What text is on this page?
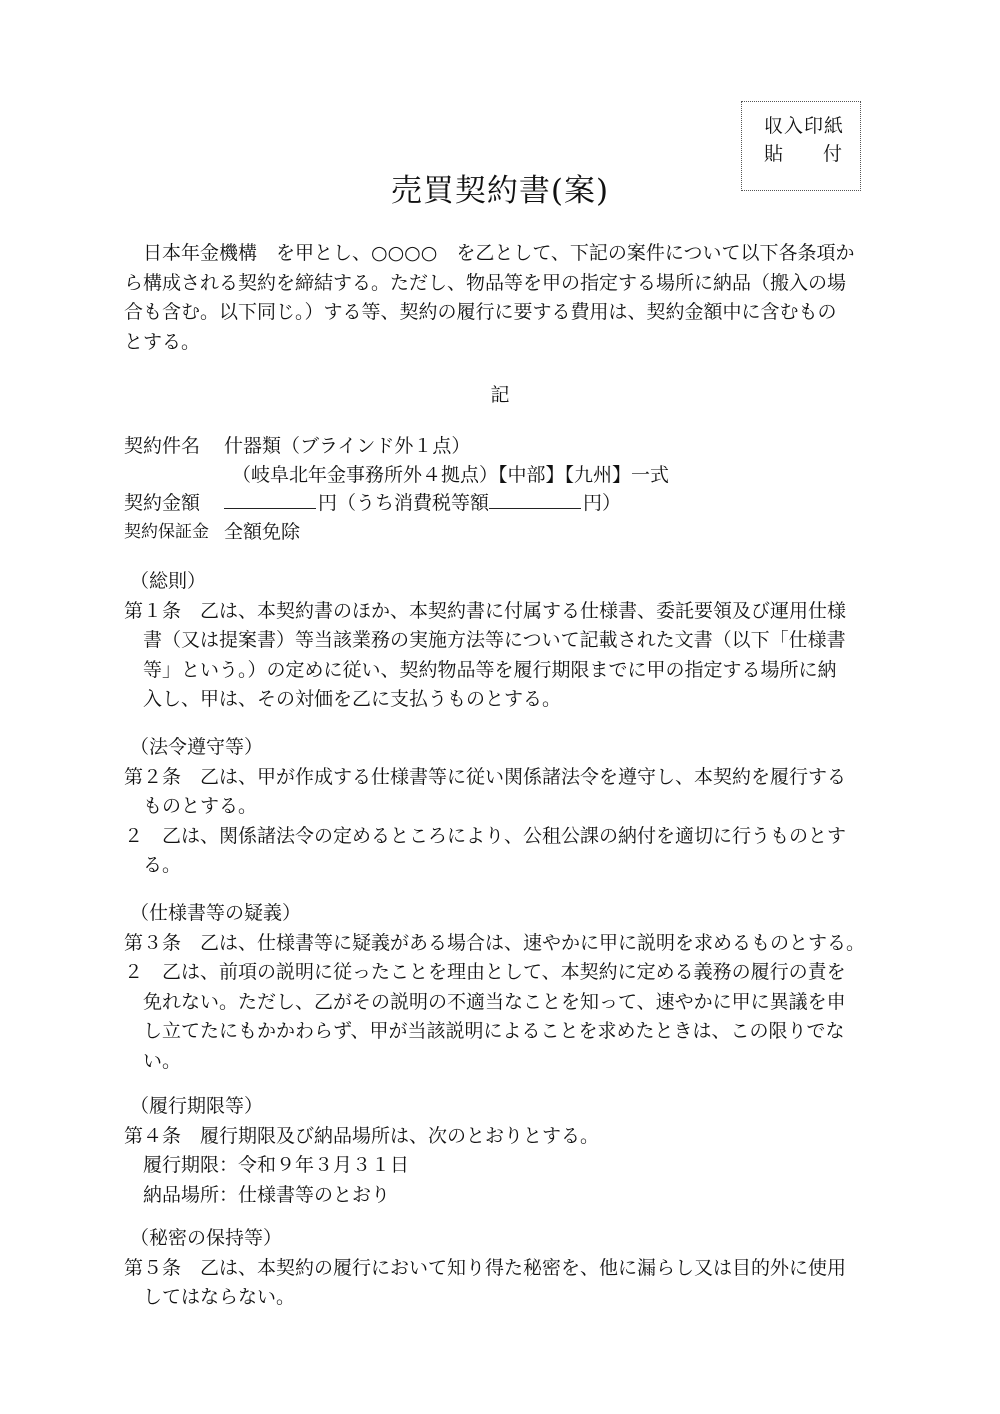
収入印紙
貼 付
売買契約書(案)
　日本年金機構　を甲とし、○○○○　を乙として、下記の案件について以下各条項か
ら構成される契約を締結する。ただし、物品等を甲の指定する場所に納品（搬入の場
合も含む。以下同じ。）する等、契約の履行に要する費用は、契約金額中に含むもの
とする。
記
契約件名	什器類（ブラインド外１点）
（岐阜北年金事務所外４拠点）【中部】【九州】一式
契約金額	円（うち消費税等額	円）
契約保証金 全額免除
（総則）
第１条　乙は、本契約書のほか、本契約書に付属する仕様書、委託要領及び運用仕様
　書（又は提案書）等当該業務の実施方法等について記載された文書（以下「仕様書
　等」という。）の定めに従い、契約物品等を履行期限までに甲の指定する場所に納
　入し、甲は、その対価を乙に支払うものとする。
（法令遵守等）
第２条　乙は、甲が作成する仕様書等に従い関係諸法令を遵守し、本契約を履行する
　ものとする。
２　乙は、関係諸法令の定めるところにより、公租公課の納付を適切に行うものとす
　る。
（仕様書等の疑義）
第３条　乙は、仕様書等に疑義がある場合は、速やかに甲に説明を求めるものとする。
２　乙は、前項の説明に従ったことを理由として、本契約に定める義務の履行の責を
　免れない。ただし、乙がその説明の不適当なことを知って、速やかに甲に異議を申
　し立てたにもかかわらず、甲が当該説明によることを求めたときは、この限りでな
　い。
（履行期限等）
第４条　履行期限及び納品場所は、次のとおりとする。
　履行期限：令和９年３月３１日
　納品場所：仕様書等のとおり
（秘密の保持等）
第５条　乙は、本契約の履行において知り得た秘密を、他に漏らし又は目的外に使用
　してはならない。
